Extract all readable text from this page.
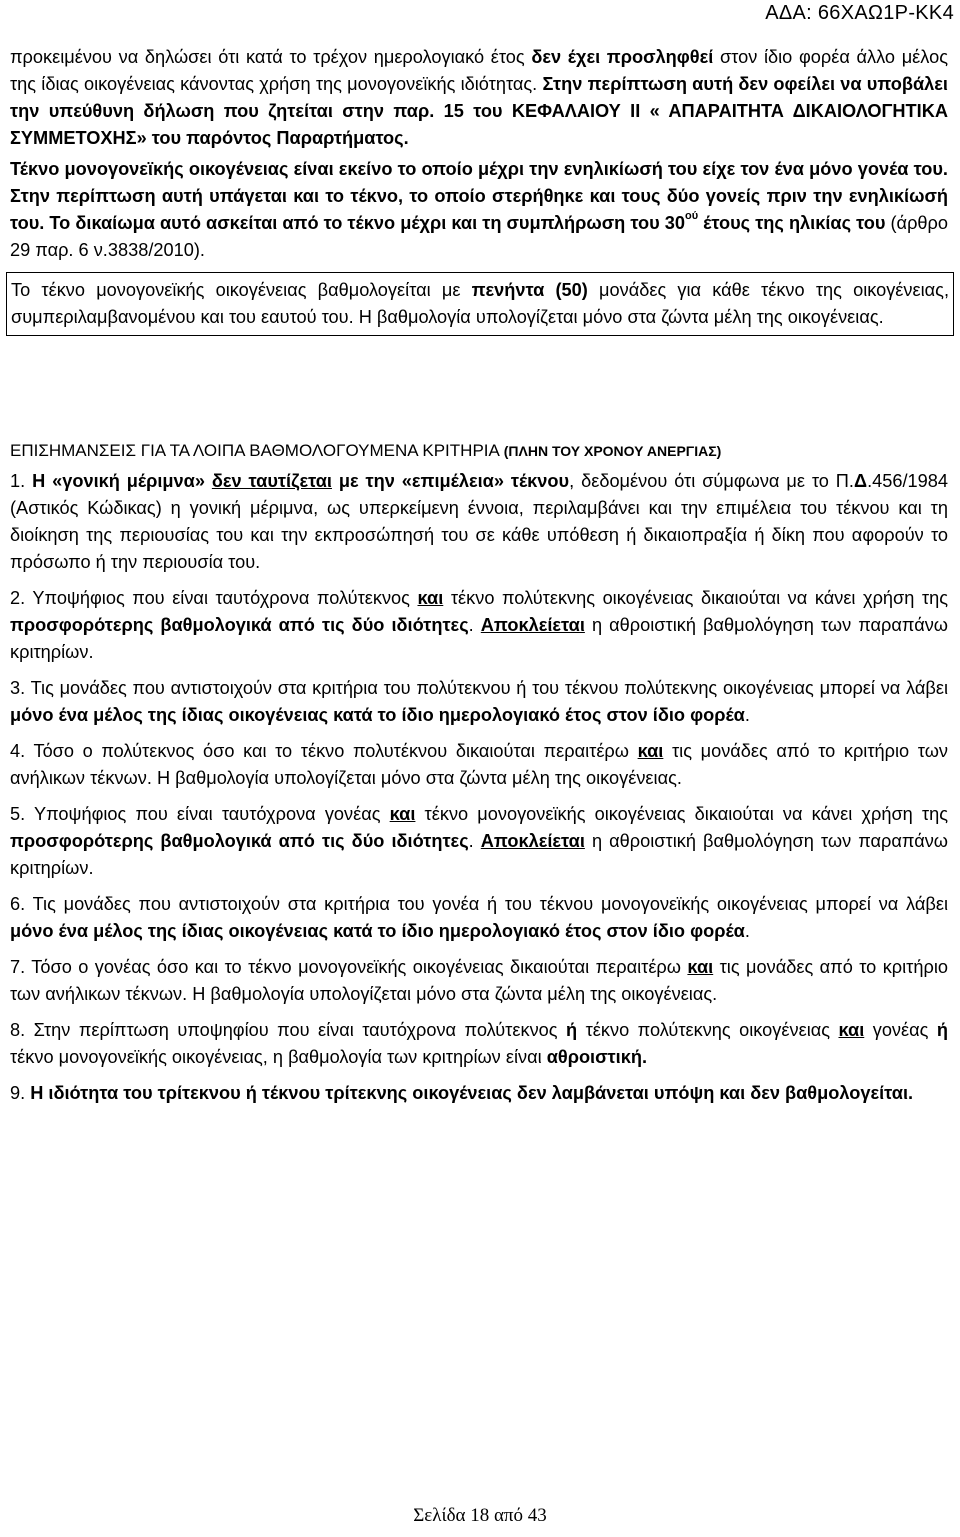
ΑΔΑ: 66ΧΑΩ1Ρ-ΚΚ4

προκειμένου να δηλώσει ότι κατά το τρέχον ημερολογιακό έτος δεν έχει προσληφθεί στον ίδιο φορέα άλλο μέλος της ίδιας οικογένειας κάνοντας χρήση της μονογονεϊκής ιδιότητας. Στην περίπτωση αυτή δεν οφείλει να υποβάλει την υπεύθυνη δήλωση που ζητείται στην παρ. 15 του ΚΕΦΑΛΑΙΟΥ ΙΙ « ΑΠΑΡΑΙΤΗΤΑ ΔΙΚΑΙΟΛΟΓΗΤΙΚΑ ΣΥΜΜΕΤΟΧΗΣ» του παρόντος Παραρτήματος.

Τέκνο μονογονεϊκής οικογένειας είναι εκείνο το οποίο μέχρι την ενηλικίωσή του είχε τον ένα μόνο γονέα του. Στην περίπτωση αυτή υπάγεται και το τέκνο, το οποίο στερήθηκε και τους δύο γονείς πριν την ενηλικίωσή του. Το δικαίωμα αυτό ασκείται από το τέκνο μέχρι και τη συμπλήρωση του $30^{oύ}$ έτους της ηλικίας του (άρθρο 29 παρ. 6 ν.3838/2010).

Το τέκνο μονογονεϊκής οικογένειας βαθμολογείται με πενήντα (50) μονάδες για κάθε τέκνο της οικογένειας, συμπεριλαμβανομένου και του εαυτού του. Η βαθμολογία υπολογίζεται μόνο στα ζώντα μέλη της οικογένειας.

ΕΠΙΣΗΜΑΝΣΕΙΣ ΓΙΑ ΤΑ ΛΟΙΠΑ ΒΑΘΜΟΛΟΓΟΥΜΕΝΑ ΚΡΙΤΗΡΙΑ (ΠΛΗΝ ΤΟΥ ΧΡΟΝΟΥ ΑΝΕΡΓΙΑΣ)

1. Η «γονική μέριμνα» δεν ταυτίζεται με την «επιμέλεια» τέκνου, δεδομένου ότι σύμφωνα με το Π.Δ.456/1984 (Αστικός Κώδικας) η γονική μέριμνα, ως υπερκείμενη έννοια, περιλαμβάνει και την επιμέλεια του τέκνου και τη διοίκηση της περιουσίας του και την εκπροσώπησή του σε κάθε υπόθεση ή δικαιοπραξία ή δίκη που αφορούν το πρόσωπο ή την περιουσία του.

2. Υποψήφιος που είναι ταυτόχρονα πολύτεκνος και τέκνο πολύτεκνης οικογένειας δικαιούται να κάνει χρήση της προσφορότερης βαθμολογικά από τις δύο ιδιότητες. Αποκλείεται η αθροιστική βαθμολόγηση των παραπάνω κριτηρίων.

3. Τις μονάδες που αντιστοιχούν στα κριτήρια του πολύτεκνου ή του τέκνου πολύτεκνης οικογένειας μπορεί να λάβει μόνο ένα μέλος της ίδιας οικογένειας κατά το ίδιο ημερολογιακό έτος στον ίδιο φορέα.

4. Τόσο ο πολύτεκνος όσο και το τέκνο πολυτέκνου δικαιούται περαιτέρω και τις μονάδες από το κριτήριο των ανήλικων τέκνων. Η βαθμολογία υπολογίζεται μόνο στα ζώντα μέλη της οικογένειας.

5. Υποψήφιος που είναι ταυτόχρονα γονέας και τέκνο μονογονεϊκής οικογένειας δικαιούται να κάνει χρήση της προσφορότερης βαθμολογικά από τις δύο ιδιότητες. Αποκλείεται η αθροιστική βαθμολόγηση των παραπάνω κριτηρίων.

6. Τις μονάδες που αντιστοιχούν στα κριτήρια του γονέα ή του τέκνου μονογονεϊκής οικογένειας μπορεί να λάβει μόνο ένα μέλος της ίδιας οικογένειας κατά το ίδιο ημερολογιακό έτος στον ίδιο φορέα.

7. Τόσο ο γονέας όσο και το τέκνο μονογονεϊκής οικογένειας δικαιούται περαιτέρω και τις μονάδες από το κριτήριο των ανήλικων τέκνων. Η βαθμολογία υπολογίζεται μόνο στα ζώντα μέλη της οικογένειας.

8. Στην περίπτωση υποψηφίου που είναι ταυτόχρονα πολύτεκνος ή τέκνο πολύτεκνης οικογένειας και γονέας ή τέκνο μονογονεϊκής οικογένειας, η βαθμολογία των κριτηρίων είναι αθροιστική.

9. Η ιδιότητα του τρίτεκνου ή τέκνου τρίτεκνης οικογένειας δεν λαμβάνεται υπόψη και δεν βαθμολογείται.

Σελίδα 18 από 43
